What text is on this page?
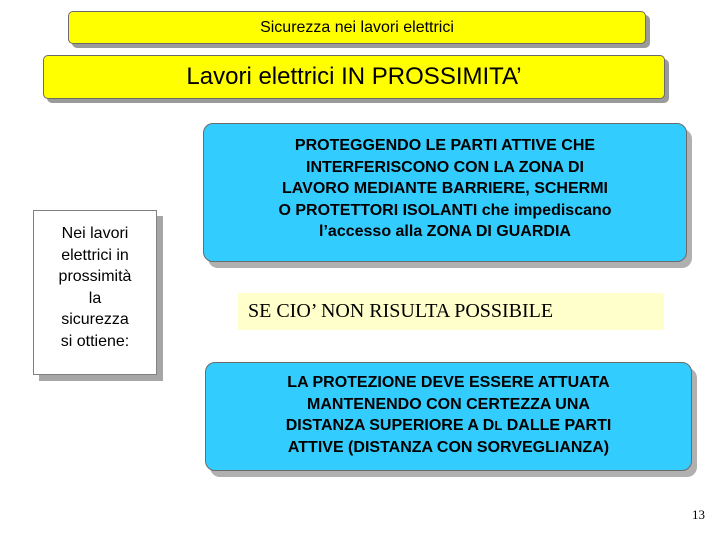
Sicurezza nei lavori elettrici
Lavori elettrici IN PROSSIMITA’
Nei lavori
elettrici in
prossimità
la
sicurezza
si ottiene:
PROTEGGENDO LE PARTI ATTIVE CHE
INTERFERISCONO CON LA ZONA DI
LAVORO MEDIANTE BARRIERE, SCHERMI
O PROTETTORI ISOLANTI che impediscano
l’accesso alla ZONA DI GUARDIA
SE CIO’ NON RISULTA POSSIBILE
LA PROTEZIONE DEVE ESSERE ATTUATA
MANTENENDO CON CERTEZZA UNA
DISTANZA SUPERIORE A DL DALLE PARTI
ATTIVE (DISTANZA CON SORVEGLIANZA)
13
